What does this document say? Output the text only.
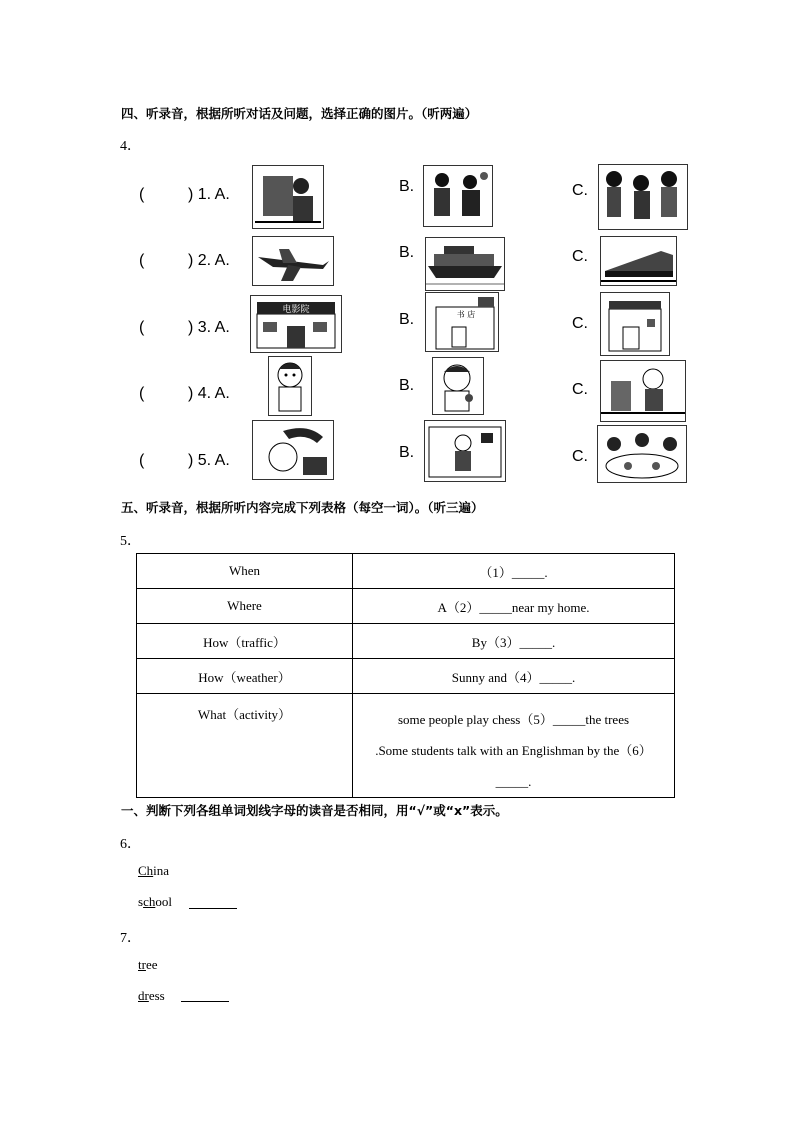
四、听录音，根据所听对话及问题，选择正确的图片。（听两遍）
4．
(	) 1. A.	B.	C.
(	) 2. A.	B.	C.
(	) 3. A.
电影院
B.	书 店
C.
(	) 4. A.	B.	C.
(	) 5. A.	B.	C.
五、听录音，根据所听内容完成下列表格（每空一词）。（听三遍）
5．
When	（1）_____.
Where	A（2）_____near my home.
How（traffic）	By（3）_____.
How（weather）	Sunny and（4）_____.
What（activity）	some people play chess（5）_____the trees
.Some students talk with an Englishman by the（6）
_____.
一、判断下列各组单词划线字母的读音是否相同，用“√”或“x”表示。
6．
China
school
7．
tree
dress
